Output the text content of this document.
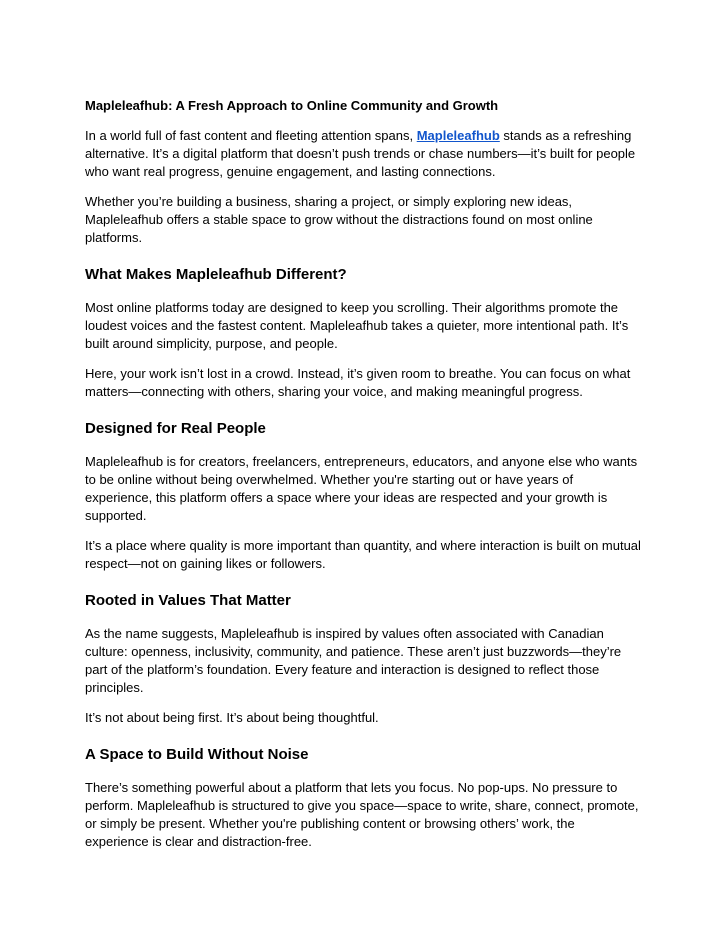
Mapleleafhub: A Fresh Approach to Online Community and Growth

In a world full of fast content and fleeting attention spans, Mapleleafhub stands as a refreshing alternative. It’s a digital platform that doesn’t push trends or chase numbers—it’s built for people who want real progress, genuine engagement, and lasting connections.

Whether you’re building a business, sharing a project, or simply exploring new ideas, Mapleleafhub offers a stable space to grow without the distractions found on most online platforms.

What Makes Mapleleafhub Different?

Most online platforms today are designed to keep you scrolling. Their algorithms promote the loudest voices and the fastest content. Mapleleafhub takes a quieter, more intentional path. It’s built around simplicity, purpose, and people.

Here, your work isn’t lost in a crowd. Instead, it’s given room to breathe. You can focus on what matters—connecting with others, sharing your voice, and making meaningful progress.

Designed for Real People

Mapleleafhub is for creators, freelancers, entrepreneurs, educators, and anyone else who wants to be online without being overwhelmed. Whether you're starting out or have years of experience, this platform offers a space where your ideas are respected and your growth is supported.

It’s a place where quality is more important than quantity, and where interaction is built on mutual respect—not on gaining likes or followers.

Rooted in Values That Matter

As the name suggests, Mapleleafhub is inspired by values often associated with Canadian culture: openness, inclusivity, community, and patience. These aren’t just buzzwords—they’re part of the platform’s foundation. Every feature and interaction is designed to reflect those principles.

It’s not about being first. It’s about being thoughtful.

A Space to Build Without Noise

There’s something powerful about a platform that lets you focus. No pop-ups. No pressure to perform. Mapleleafhub is structured to give you space—space to write, share, connect, promote, or simply be present. Whether you're publishing content or browsing others’ work, the experience is clear and distraction-free.
